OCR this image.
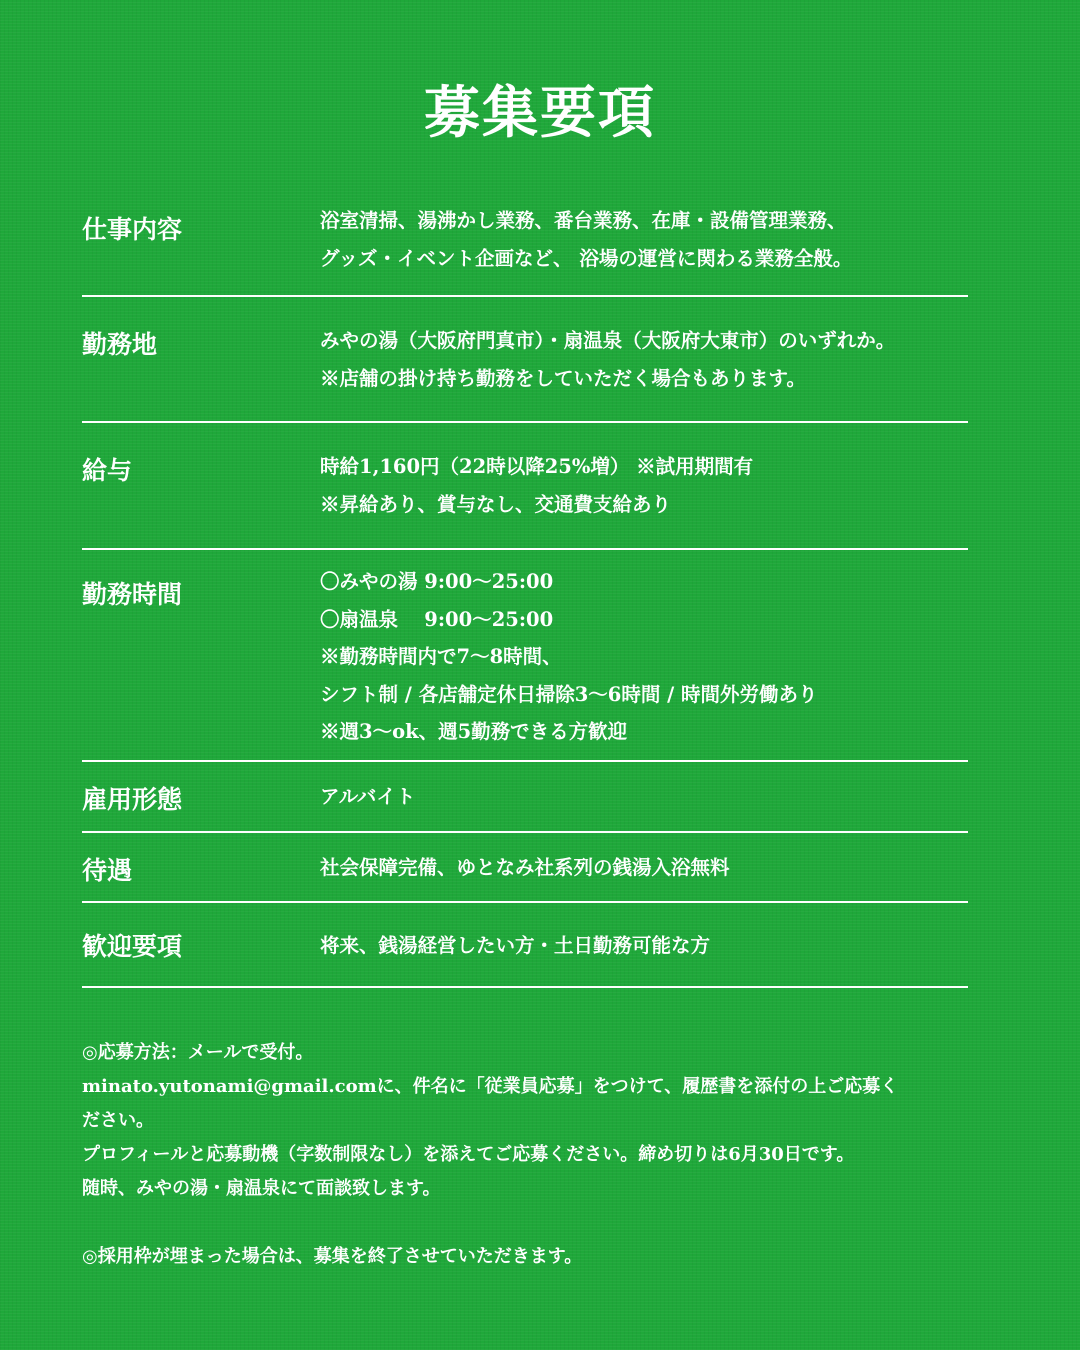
募集要項
仕事内容	浴室清掃、湯沸かし業務、番台業務、在庫・設備管理業務、
グッズ・イベント企画など、 浴場の運営に関わる業務全般。
勤務地	みやの湯（大阪府門真市）・扇温泉（大阪府大東市）のいずれか。
※店舗の掛け持ち勤務をしていただく場合もあります。
給与	時給1,160円（22時以降25%増） ※試用期間有
※昇給あり、賞与なし、交通費支給あり
勤務時間	〇みやの湯 9:00〜25:00
〇扇温泉　 9:00〜25:00
※勤務時間内で7〜8時間、
シフト制 / 各店舗定休日掃除3〜6時間 / 時間外労働あり
※週3〜ok、週5勤務できる方歓迎
雇用形態	アルバイト
待遇	社会保障完備、ゆとなみ社系列の銭湯入浴無料
歓迎要項	将来、銭湯経営したい方・土日勤務可能な方
◎応募方法：メールで受付。
minato.yutonami@gmail.comに、件名に「従業員応募」をつけて、履歴書を添付の上ご応募く
ださい。
プロフィールと応募動機（字数制限なし）を添えてご応募ください。締め切りは6月30日です。
随時、みやの湯・扇温泉にて面談致します。
◎採用枠が埋まった場合は、募集を終了させていただきます。
